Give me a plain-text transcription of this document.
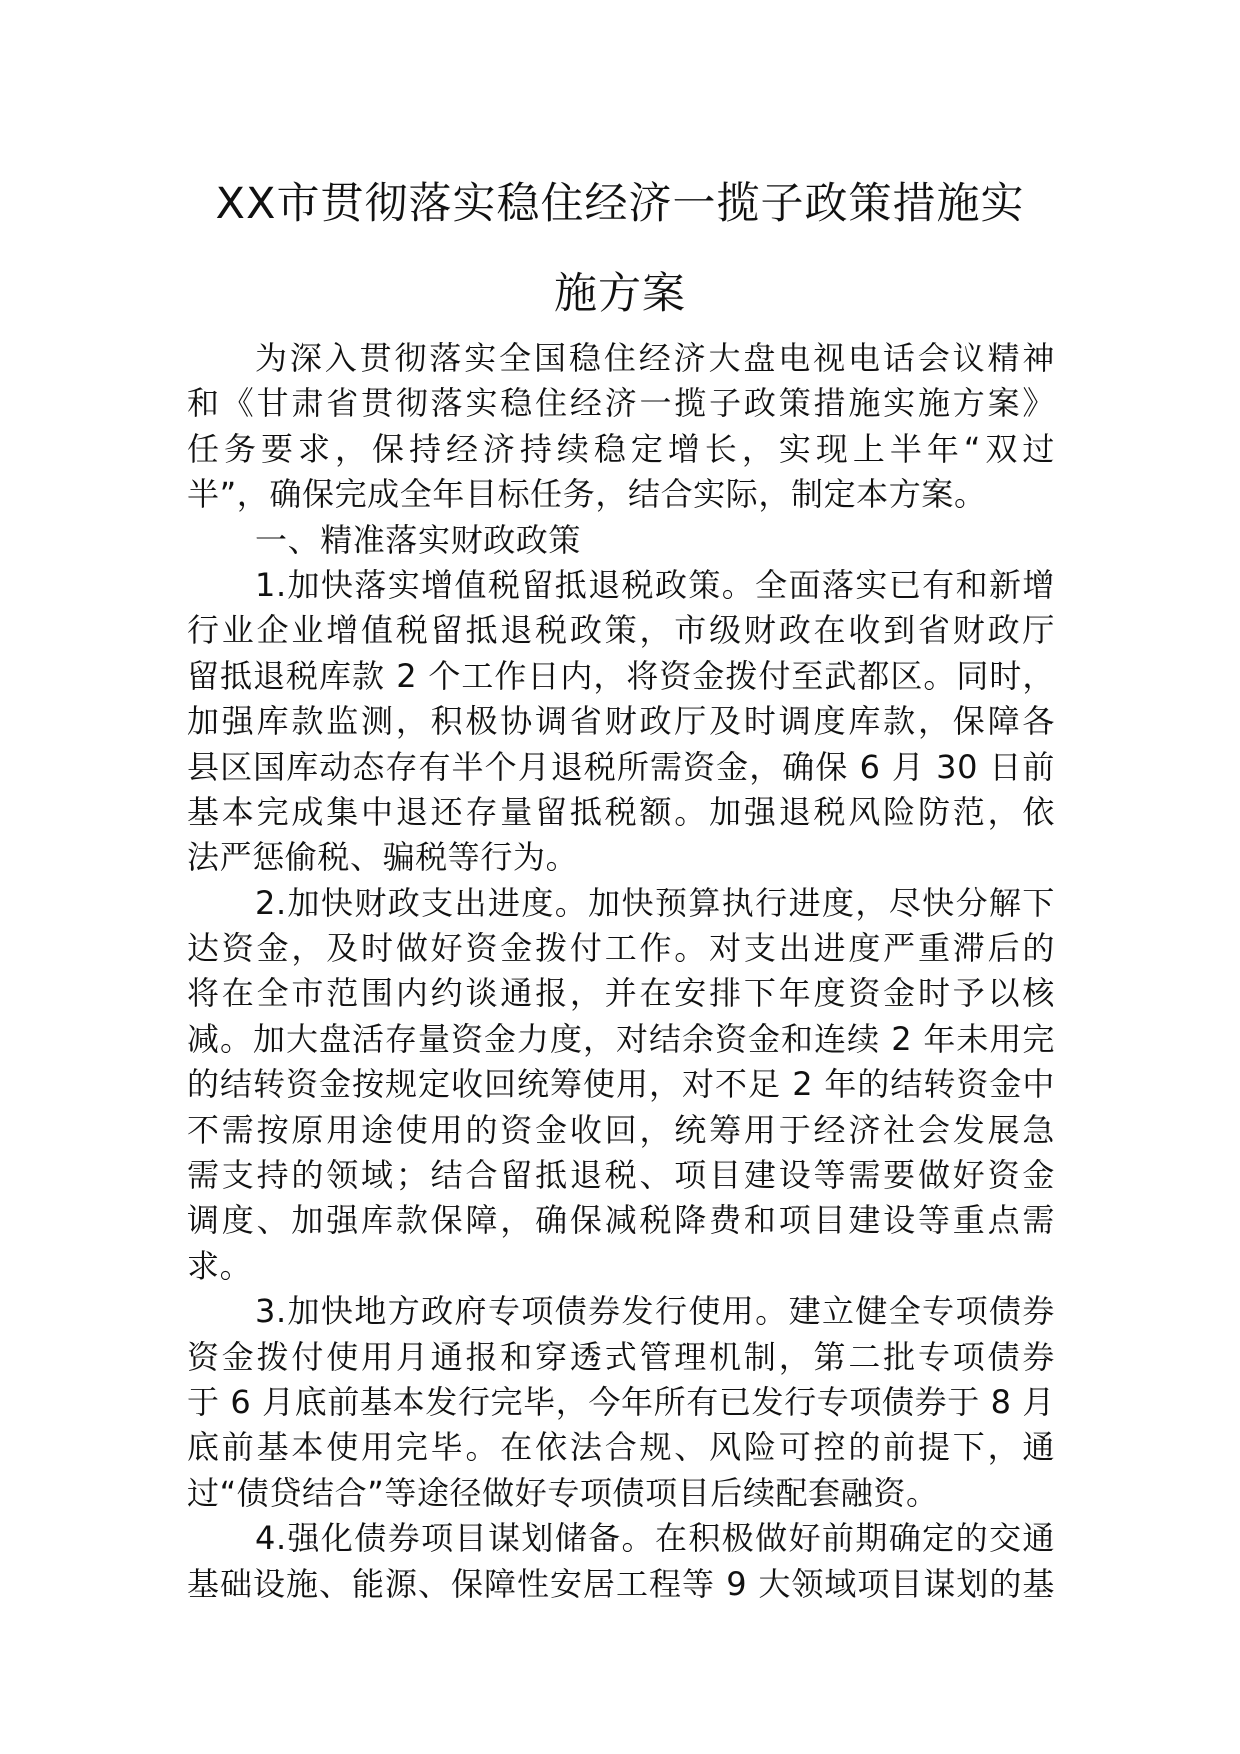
XX市贯彻落实稳住经济一揽子政策措施实
施方案
为深入贯彻落实全国稳住经济大盘电视电话会议精神
和《甘肃省贯彻落实稳住经济一揽子政策措施实施方案》
任务要求，保持经济持续稳定增长，实现上半年“双过
半”，确保完成全年目标任务，结合实际，制定本方案。
一、精准落实财政政策
1.加快落实增值税留抵退税政策。全面落实已有和新增
行业企业增值税留抵退税政策，市级财政在收到省财政厅
留抵退税库款 2 个工作日内，将资金拨付至武都区。同时，
加强库款监测，积极协调省财政厅及时调度库款，保障各
县区国库动态存有半个月退税所需资金，确保 6 月 30 日前
基本完成集中退还存量留抵税额。加强退税风险防范，依
法严惩偷税、骗税等行为。
2.加快财政支出进度。加快预算执行进度，尽快分解下
达资金，及时做好资金拨付工作。对支出进度严重滞后的
将在全市范围内约谈通报，并在安排下年度资金时予以核
减。加大盘活存量资金力度，对结余资金和连续 2 年未用完
的结转资金按规定收回统筹使用，对不足 2 年的结转资金中
不需按原用途使用的资金收回，统筹用于经济社会发展急
需支持的领域；结合留抵退税、项目建设等需要做好资金
调度、加强库款保障，确保减税降费和项目建设等重点需
求。
3.加快地方政府专项债券发行使用。建立健全专项债券
资金拨付使用月通报和穿透式管理机制，第二批专项债券
于 6 月底前基本发行完毕，今年所有已发行专项债券于 8 月
底前基本使用完毕。在依法合规、风险可控的前提下，通
过“债贷结合”等途径做好专项债项目后续配套融资。
4.强化债券项目谋划储备。在积极做好前期确定的交通
基础设施、能源、保障性安居工程等 9 大领域项目谋划的基
